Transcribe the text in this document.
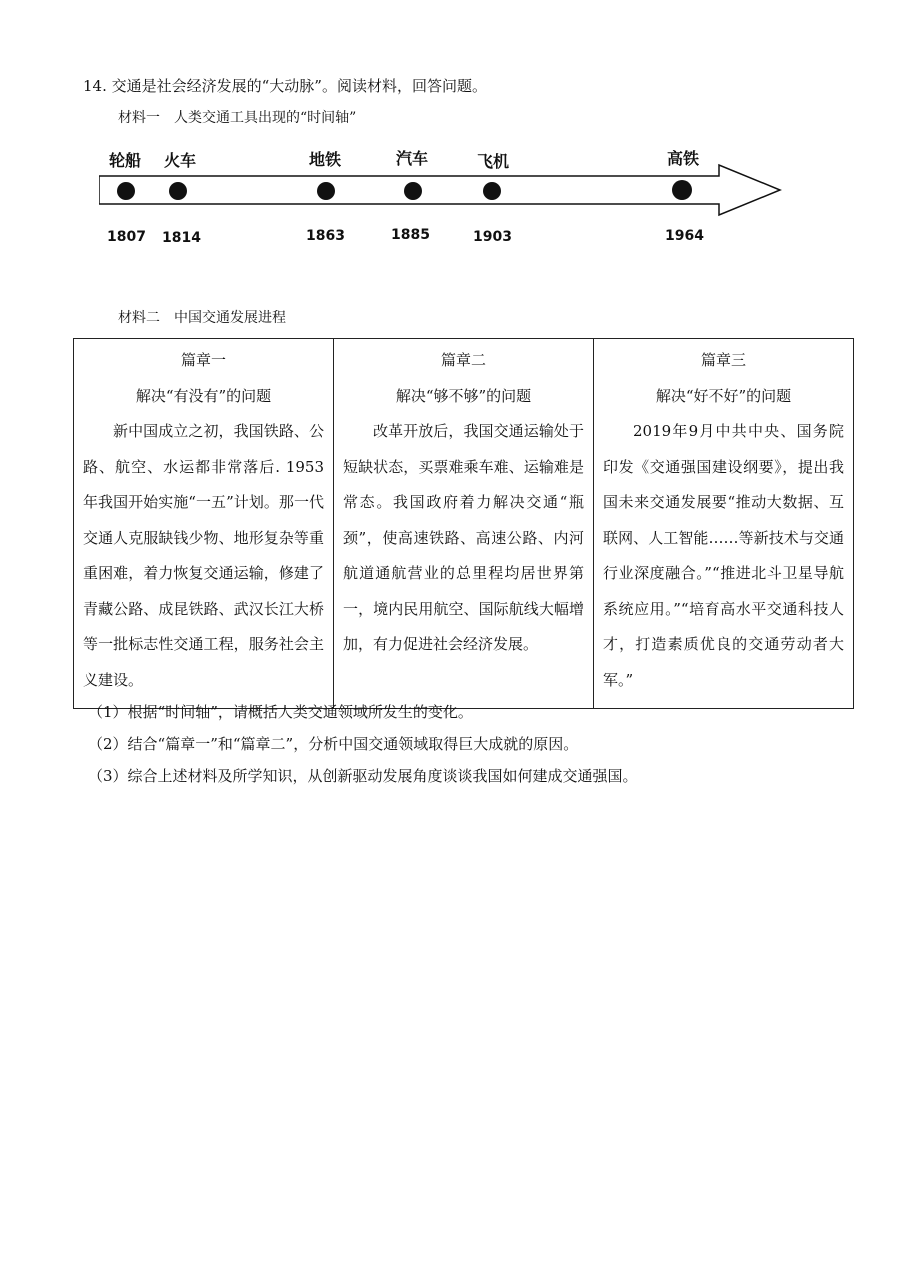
14. 交通是社会经济发展的“大动脉”。阅读材料，回答问题。
材料一　人类交通工具出现的“时间轴”
轮船 火车	地铁	汽车	飞机	高铁
1807 1814	1863	1885	1903	1964
材料二　中国交通发展进程
篇章一
解决“有没有”的问题
新中国成立之初，我国铁路、公路、航空、水运都非常落后. 1953年我国开始实施“一五”计划。那一代交通人克服缺钱少物、地形复杂等重重困难，着力恢复交通运输，修建了青藏公路、成昆铁路、武汉长江大桥等一批标志性交通工程，服务社会主义建设。

篇章二
解决“够不够”的问题
改革开放后，我国交通运输处于短缺状态，买票难乘车难、运输难是常态。我国政府着力解决交通“瓶颈”，使高速铁路、高速公路、内河航道通航营业的总里程均居世界第一，境内民用航空、国际航线大幅增加，有力促进社会经济发展。

篇章三
解决“好不好”的问题
2019年9月中共中央、国务院印发《交通强国建设纲要》，提出我国未来交通发展要“推动大数据、互联网、人工智能……等新技术与交通行业深度融合。”“推进北斗卫星导航系统应用。”“培育高水平交通科技人才，打造素质优良的交通劳动者大军。”
（1）根据“时间轴”，请概括人类交通领域所发生的变化。
（2）结合“篇章一”和“篇章二”，分析中国交通领域取得巨大成就的原因。
（3）综合上述材料及所学知识，从创新驱动发展角度谈谈我国如何建成交通强国。
